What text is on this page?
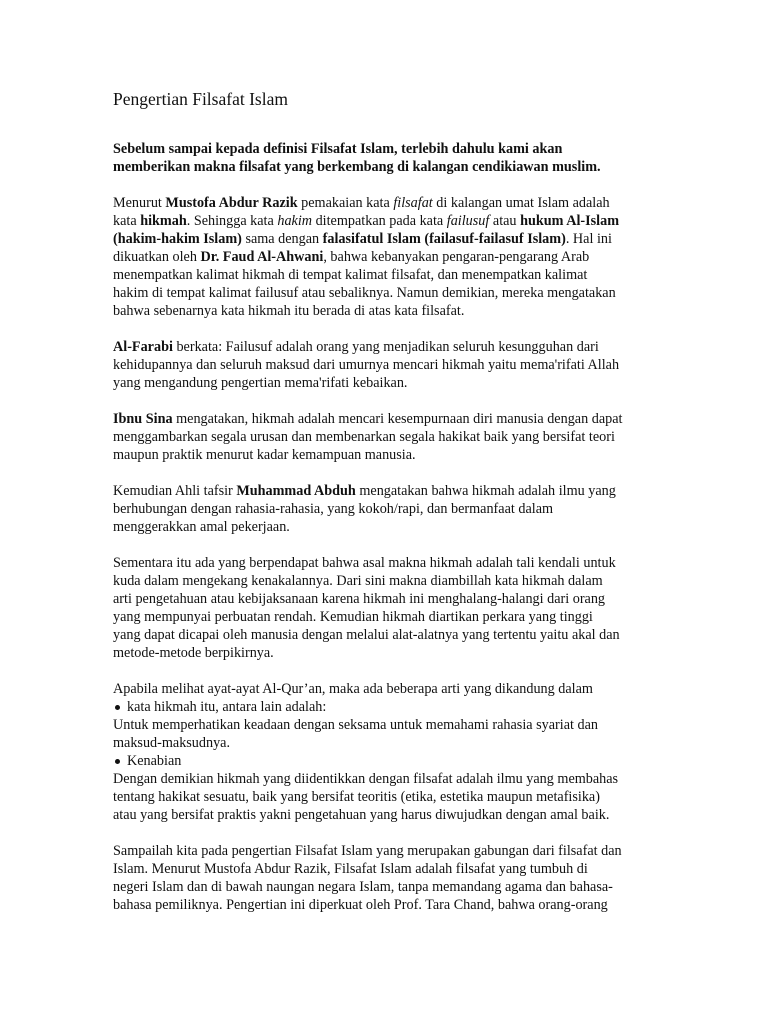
Pengertian Filsafat Islam

Sebelum sampai kepada definisi Filsafat Islam, terlebih dahulu kami akan
memberikan makna filsafat yang berkembang di kalangan cendikiawan muslim.

Menurut Mustofa Abdur Razik pemakaian kata filsafat di kalangan umat Islam adalah
kata hikmah. Sehingga kata hakim ditempatkan pada kata failusuf atau hukum Al-Islam
(hakim-hakim Islam) sama dengan falasifatul Islam (failasuf-failasuf Islam). Hal ini
dikuatkan oleh Dr. Faud Al-Ahwani, bahwa kebanyakan pengaran-pengarang Arab
menempatkan kalimat hikmah di tempat kalimat filsafat, dan menempatkan kalimat
hakim di tempat kalimat failusuf atau sebaliknya. Namun demikian, mereka mengatakan
bahwa sebenarnya kata hikmah itu berada di atas kata filsafat.

Al-Farabi berkata: Failusuf adalah orang yang menjadikan seluruh kesungguhan dari
kehidupannya dan seluruh maksud dari umurnya mencari hikmah yaitu mema'rifati Allah
yang mengandung pengertian mema'rifati kebaikan.

Ibnu Sina mengatakan, hikmah adalah mencari kesempurnaan diri manusia dengan dapat
menggambarkan segala urusan dan membenarkan segala hakikat baik yang bersifat teori
maupun praktik menurut kadar kemampuan manusia.

Kemudian Ahli tafsir Muhammad Abduh mengatakan bahwa hikmah adalah ilmu yang
berhubungan dengan rahasia-rahasia, yang kokoh/rapi, dan bermanfaat dalam
menggerakkan amal pekerjaan.

Sementara itu ada yang berpendapat bahwa asal makna hikmah adalah tali kendali untuk
kuda dalam mengekang kenakalannya. Dari sini makna diambillah kata hikmah dalam
arti pengetahuan atau kebijaksanaan karena hikmah ini menghalang-halangi dari orang
yang mempunyai perbuatan rendah. Kemudian hikmah diartikan perkara yang tinggi
yang dapat dicapai oleh manusia dengan melalui alat-alatnya yang tertentu yaitu akal dan
metode-metode berpikirnya.

Apabila melihat ayat-ayat Al-Qur’an, maka ada beberapa arti yang dikandung dalam
kata hikmah itu, antara lain adalah:
Untuk memperhatikan keadaan dengan seksama untuk memahami rahasia syariat dan
maksud-maksudnya.
Kenabian
Dengan demikian hikmah yang diidentikkan dengan filsafat adalah ilmu yang membahas
tentang hakikat sesuatu, baik yang bersifat teoritis (etika, estetika maupun metafisika)
atau yang bersifat praktis yakni pengetahuan yang harus diwujudkan dengan amal baik.

Sampailah kita pada pengertian Filsafat Islam yang merupakan gabungan dari filsafat dan
Islam. Menurut Mustofa Abdur Razik, Filsafat Islam adalah filsafat yang tumbuh di
negeri Islam dan di bawah naungan negara Islam, tanpa memandang agama dan bahasa-
bahasa pemiliknya. Pengertian ini diperkuat oleh Prof. Tara Chand, bahwa orang-orang
